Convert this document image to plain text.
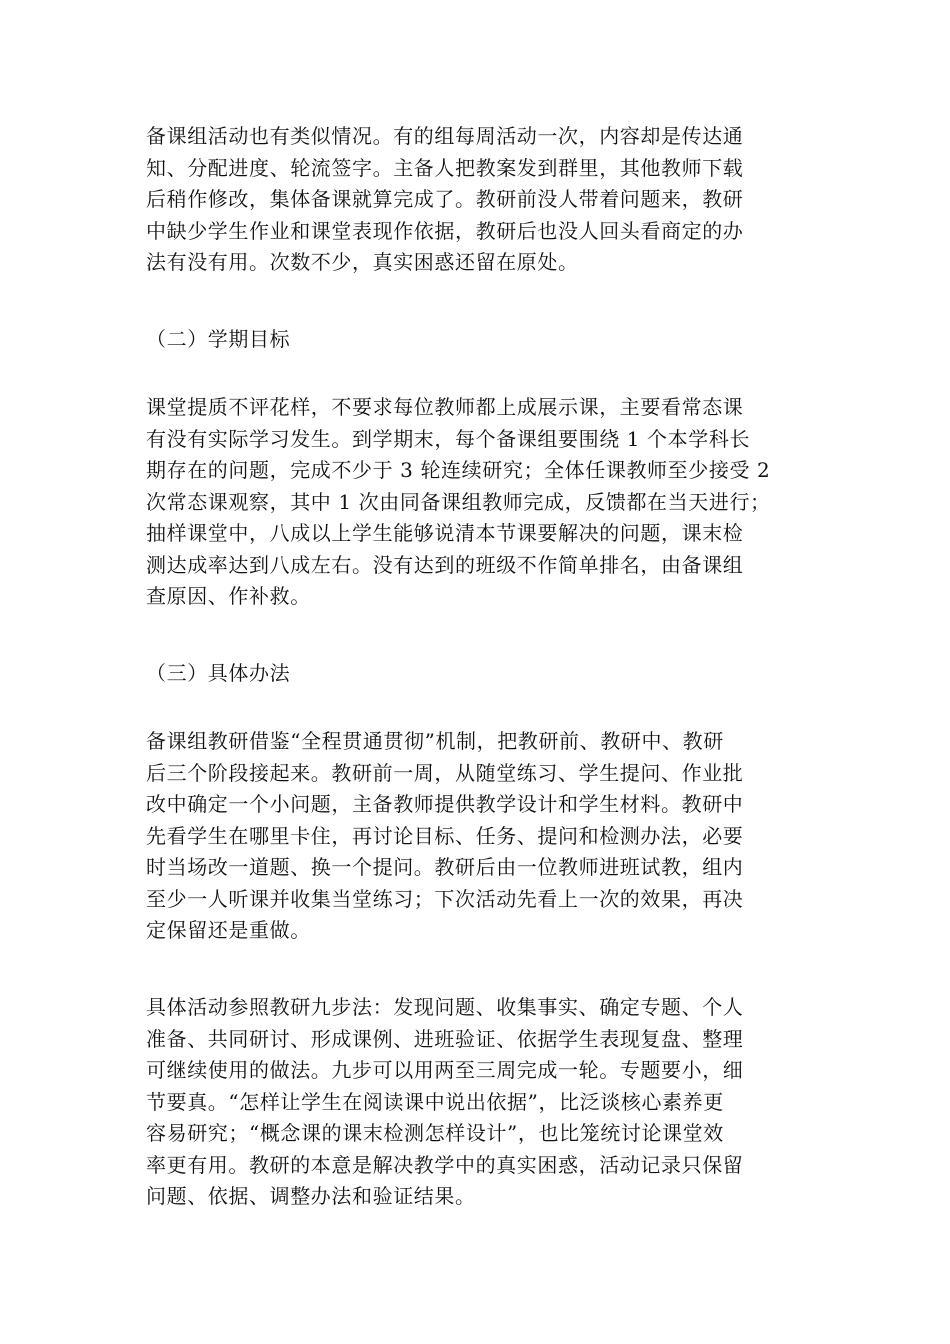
备课组活动也有类似情况。有的组每周活动一次，内容却是传达通
知、分配进度、轮流签字。主备人把教案发到群里，其他教师下载
后稍作修改，集体备课就算完成了。教研前没人带着问题来，教研
中缺少学生作业和课堂表现作依据，教研后也没人回头看商定的办
法有没有用。次数不少，真实困惑还留在原处。
（二）学期目标
课堂提质不评花样，不要求每位教师都上成展示课，主要看常态课
有没有实际学习发生。到学期末，每个备课组要围绕 1 个本学科长
期存在的问题，完成不少于 3 轮连续研究；全体任课教师至少接受 2
次常态课观察，其中 1 次由同备课组教师完成，反馈都在当天进行；
抽样课堂中，八成以上学生能够说清本节课要解决的问题，课末检
测达成率达到八成左右。没有达到的班级不作简单排名，由备课组
查原因、作补救。
（三）具体办法
备课组教研借鉴“全程贯通贯彻”机制，把教研前、教研中、教研
后三个阶段接起来。教研前一周，从随堂练习、学生提问、作业批
改中确定一个小问题，主备教师提供教学设计和学生材料。教研中
先看学生在哪里卡住，再讨论目标、任务、提问和检测办法，必要
时当场改一道题、换一个提问。教研后由一位教师进班试教，组内
至少一人听课并收集当堂练习；下次活动先看上一次的效果，再决
定保留还是重做。
具体活动参照教研九步法：发现问题、收集事实、确定专题、个人
准备、共同研讨、形成课例、进班验证、依据学生表现复盘、整理
可继续使用的做法。九步可以用两至三周完成一轮。专题要小，细
节要真。“怎样让学生在阅读课中说出依据”，比泛谈核心素养更
容易研究；“概念课的课末检测怎样设计”，也比笼统讨论课堂效
率更有用。教研的本意是解决教学中的真实困惑，活动记录只保留
问题、依据、调整办法和验证结果。
